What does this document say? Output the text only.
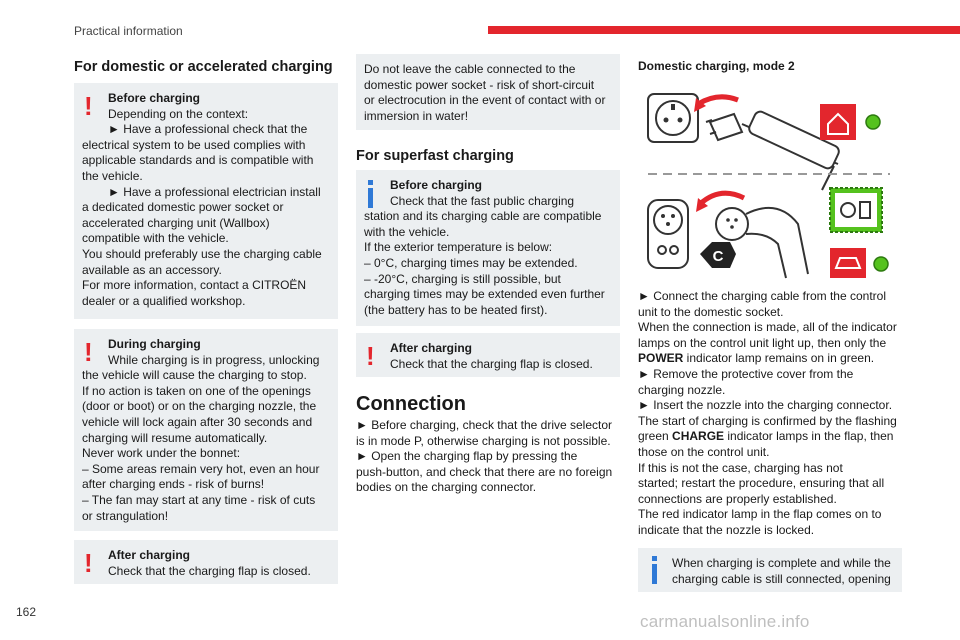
Practical information
For domestic or accelerated charging
!	Before charging
Depending on the context:
► Have a professional check that the
electrical system to be used complies with
applicable standards and is compatible with
the vehicle.
► Have a professional electrician install
a dedicated domestic power socket or
accelerated charging unit (Wallbox)
compatible with the vehicle.
You should preferably use the charging cable
available as an accessory.
For more information, contact a CITROËN
dealer or a qualified workshop.
!	During charging
While charging is in progress, unlocking
the vehicle will cause the charging to stop.
If no action is taken on one of the openings
(door or boot) or on the charging nozzle, the
vehicle will lock again after 30 seconds and
charging will resume automatically.
Never work under the bonnet:
– Some areas remain very hot, even an hour
after charging ends - risk of burns!
– The fan may start at any time - risk of cuts
or strangulation!
!	After charging
Check that the charging flap is closed.
Do not leave the cable connected to the
domestic power socket - risk of short-circuit
or electrocution in the event of contact with or
immersion in water!
For superfast charging
Before charging
Check that the fast public charging
station and its charging cable are compatible
with the vehicle.
If the exterior temperature is below:
– 0°C, charging times may be extended.
– -20°C, charging is still possible, but
charging times may be extended even further
(the battery has to be heated first).
!	After charging
Check that the charging flap is closed.
Connection
► Before charging, check that the drive selector
is in mode P, otherwise charging is not possible.
► Open the charging flap by pressing the
push-button, and check that there are no foreign
bodies on the charging connector.
Domestic charging, mode 2
C
► Connect the charging cable from the control
unit to the domestic socket.
When the connection is made, all of the indicator
lamps on the control unit light up, then only the
POWER indicator lamp remains on in green.
► Remove the protective cover from the
charging nozzle.
► Insert the nozzle into the charging connector.
The start of charging is confirmed by the flashing
green CHARGE indicator lamps in the flap, then
those on the control unit.
If this is not the case, charging has not
started; restart the procedure, ensuring that all
connections are properly established.
The red indicator lamp in the flap comes on to
indicate that the nozzle is locked.
When charging is complete and while the
charging cable is still connected, opening
162	carmanualsonline.info
